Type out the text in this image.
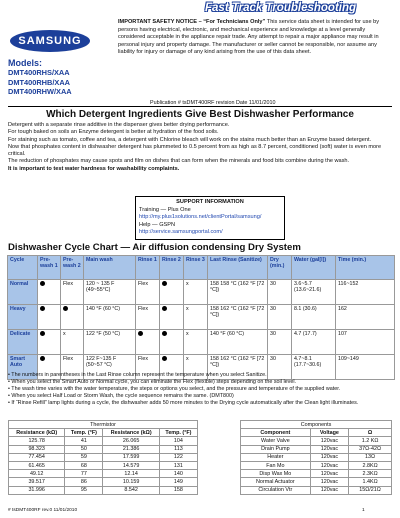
SAMSUNG
Fast Track Troubleshooting
Models:
DMT400RHS/XAA
DMT400RHB/XAA
DMT400RHW/XAA
IMPORTANT SAFETY NOTICE – “For Technicians Only” This service data sheet is intended for use by persons having electrical, electronic, and mechanical experience and knowledge at a level generally considered acceptable in the appliance repair trade. Any attempt to repair a major appliance may result in personal injury and property damage. The manufacturer or seller cannot be responsible, nor assume any liability for injury or damage of any kind arising from the use of this data sheet.
Publication # tsDMT400RF revision Date 11/01/2010
Which Detergent Ingredients Give Best Dishwasher Performance

Detergent with a separate rinse additive in the dispenser gives better drying performance.

For tough baked on soils an Enzyme detergent is better at hydration of the food soils.

For staining such as tomato, coffee and tea, a detergent with Chlorine bleach will work on the stains much better than an Enzyme based detergent.

Now that phosphates content in dishwasher detergent has plummeted to 0.5 percent from as high as 8.7 percent, conditioned (soft) water is even more critical.

The reduction of phosphates may cause spots and film on dishes that can form when the minerals and food bits combine during the wash.

It is important to test water hardness for washability complaints.

SUPPORT INFORMATION
Training — Plus One
http://my.plus1solutions.net/clientPortal/samsung/
Help — GSPN
http://service.samsungportal.com/
Dishwasher Cycle Chart — Air diffusion condensing Dry System
Cycle	Pre-wash 1	Pre-wash 2	Main wash	Rinse 1	Rinse 2	Rinse 3	Last Rinse (Sanitize)	Dry (min.)	Water (gal[l])	Time (min.)
Normal		Flex	120 ~ 135 F (49~55°C)	Flex		x	158 158 °C (162 °F [72 °C])	30	3.6~5.7 (13.6~21.6)	116~152
Heavy			140 °F (60 °C)	Flex		x	158 162 °C (162 °F [72 °C])	30	8.1 (30.6)	162
Delicate		x	122 °F (50 °C)			x	140 °F (60 °C)	30	4.7 (17.7)	107
Smart Auto		Flex	122 F~135 F (50~57 °C)	Flex		x	158 162 °C (162 °F [72 °C])	30	4.7~8.1 (17.7~30.6)	109~149
• The numbers in parentheses in the Last Rinse column represent the temperature when you select Sanitize.
• When you select the Smart Auto or Normal cycle, you can eliminate the Flex (flexible) steps depending on the soil level.
• The wash time varies with the water temperature, the steps or options you select, and the pressure and temperature of the supplied water.
• When you select Half Load or Storm Wash, the cycle sequence remains the same. (DMT800)
• If “Rinse Refill” lamp lights during a cycle, the dishwasher adds 50 more minutes to the Drying cycle automatically after the Clean light illuminates.
Thermistor			
Resistance (kΩ)	Temp. (°F)	Resistance (kΩ)	Temp. (°F)
125.78	41	26.065	104
98.323	50	21.386	113
77.454	59	17.599	122
61.465	68	14.579	131
49.12	77	12.14	140
39.517	86	10.159	149
31.996	95	8.542	158
Components		
Component	Voltage	Ω
Water Valve	120vac	1.2 KΩ
Drain Pump	120vac	37Ω-42Ω
Heater	120vac	13Ω
Fan Mo	120vac	2.8KΩ
Disp Wax Mo	120vac	2.3KΩ
Normal Actuator	120vac	1.4KΩ
Circulation Vtr	120vac	15Ω/21Ω
# tsDMT400RF rev.0 11/01/2010	1
